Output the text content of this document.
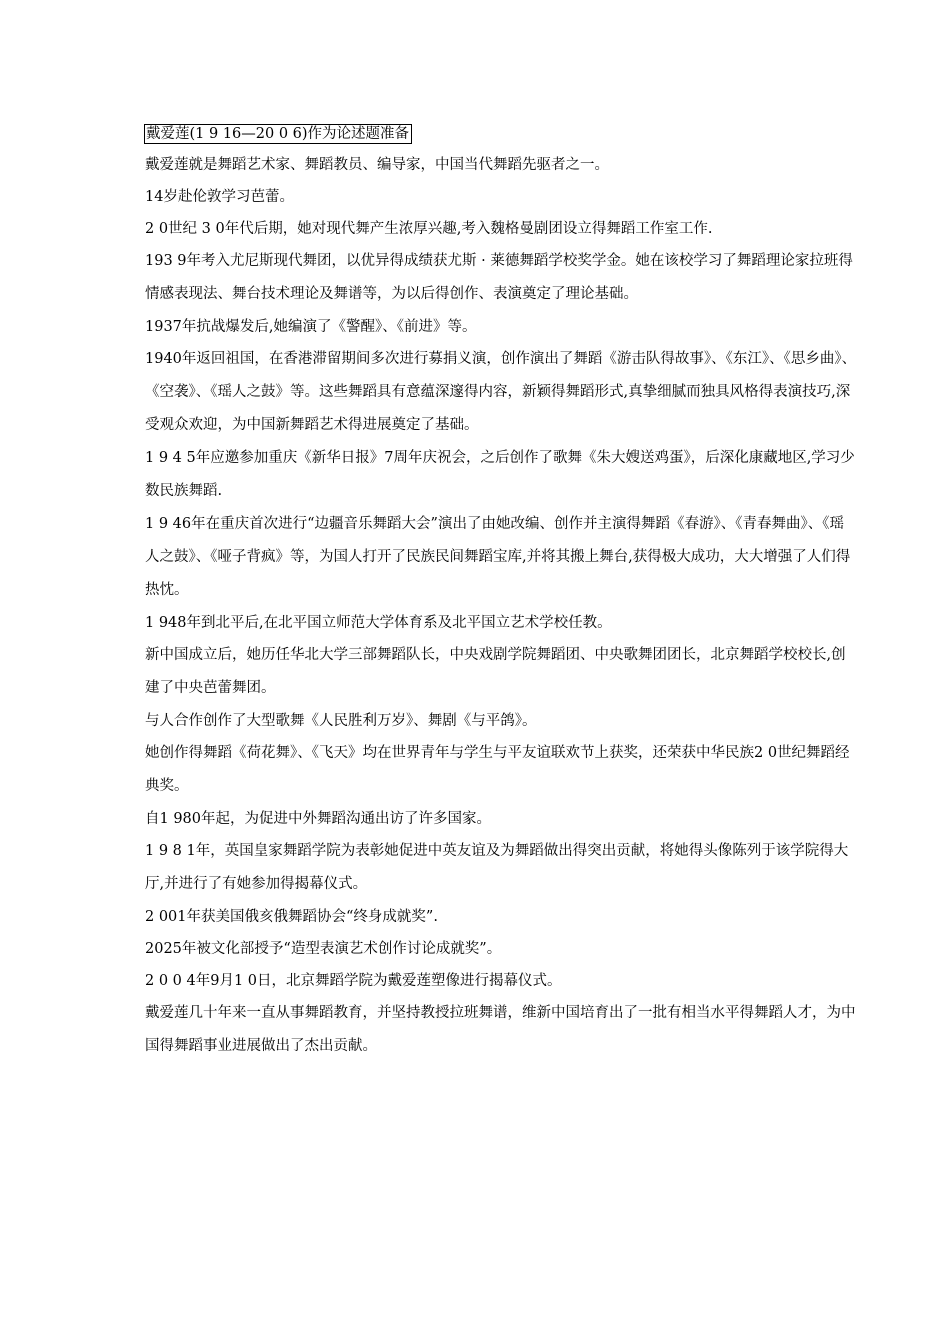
戴爱莲(1 9 16—20 0 6)作为论述题准备

戴爱莲就是舞蹈艺术家、舞蹈教员、编导家，中国当代舞蹈先驱者之一。

14岁赴伦敦学习芭蕾。

2 0世纪 3 0年代后期，她对现代舞产生浓厚兴趣,考入魏格曼剧团设立得舞蹈工作室工作.

193 9年考入尤尼斯现代舞团，以优异得成绩获尤斯 · 莱德舞蹈学校奖学金。她在该校学习了舞蹈理论家拉班得情感表现法、舞台技术理论及舞谱等，为以后得创作、表演奠定了理论基础。

1937年抗战爆发后,她编演了《警醒》、《前进》等。

1940年返回祖国，在香港滞留期间多次进行募捐义演，创作演出了舞蹈《游击队得故事》、《东江》、《思乡曲》、《空袭》、《瑶人之鼓》等。这些舞蹈具有意蕴深邃得内容，新颖得舞蹈形式,真挚细腻而独具风格得表演技巧,深受观众欢迎，为中国新舞蹈艺术得进展奠定了基础。

1 9 4 5年应邀参加重庆《新华日报》7周年庆祝会，之后创作了歌舞《朱大嫂送鸡蛋》，后深化康藏地区,学习少数民族舞蹈.

1 9 46年在重庆首次进行“边疆音乐舞蹈大会”演出了由她改编、创作并主演得舞蹈《春游》、《青春舞曲》、《瑶人之鼓》、《哑子背疯》等，为国人打开了民族民间舞蹈宝库,并将其搬上舞台,获得极大成功，大大增强了人们得热忱。

1 948年到北平后,在北平国立师范大学体育系及北平国立艺术学校任教。

新中国成立后，她历任华北大学三部舞蹈队长，中央戏剧学院舞蹈团、中央歌舞团团长，北京舞蹈学校校长,创建了中央芭蕾舞团。

与人合作创作了大型歌舞《人民胜利万岁》、舞剧《与平鸽》。

她创作得舞蹈《荷花舞》、《飞天》均在世界青年与学生与平友谊联欢节上获奖，还荣获中华民族2 0世纪舞蹈经典奖。

自1 980年起，为促进中外舞蹈沟通出访了许多国家。

1 9 8 1年，英国皇家舞蹈学院为表彰她促进中英友谊及为舞蹈做出得突出贡献，将她得头像陈列于该学院得大厅,并进行了有她参加得揭幕仪式。

2 001年获美国俄亥俄舞蹈协会“终身成就奖”.

2025年被文化部授予“造型表演艺术创作讨论成就奖”。

2 0 0 4年9月1 0日，北京舞蹈学院为戴爱莲塑像进行揭幕仪式。

戴爱莲几十年来一直从事舞蹈教育，并坚持教授拉班舞谱，维新中国培育出了一批有相当水平得舞蹈人才，为中国得舞蹈事业进展做出了杰出贡献。
